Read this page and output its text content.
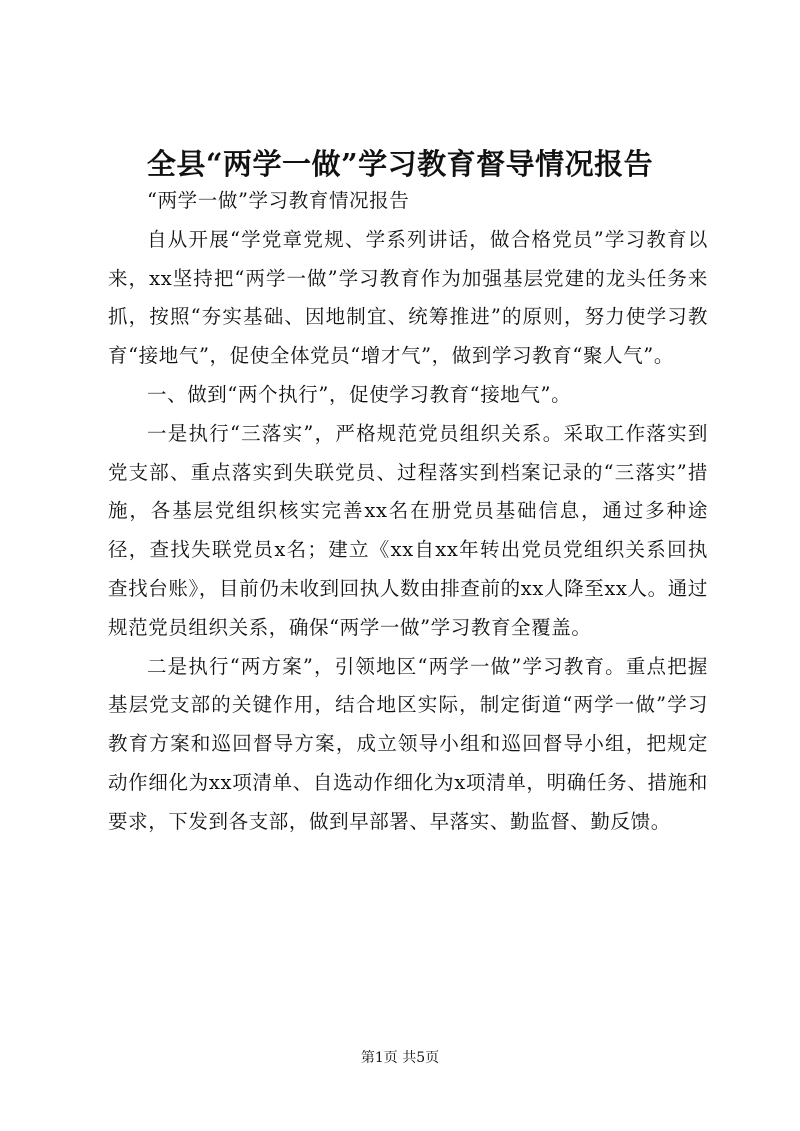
全县“两学一做”学习教育督导情况报告

“两学一做”学习教育情况报告

自从开展“学党章党规、学系列讲话，做合格党员”学习教育以来，xx坚持把“两学一做”学习教育作为加强基层党建的龙头任务来抓，按照“夯实基础、因地制宜、统筹推进”的原则，努力使学习教育“接地气”，促使全体党员“增才气”，做到学习教育“聚人气”。

一、做到“两个执行”，促使学习教育“接地气”。

一是执行“三落实”，严格规范党员组织关系。采取工作落实到党支部、重点落实到失联党员、过程落实到档案记录的“三落实”措施，各基层党组织核实完善xx名在册党员基础信息，通过多种途径，查找失联党员x名；建立《xx自xx年转出党员党组织关系回执查找台账》，目前仍未收到回执人数由排查前的xx人降至xx人。通过规范党员组织关系，确保“两学一做”学习教育全覆盖。

二是执行“两方案”，引领地区“两学一做”学习教育。重点把握基层党支部的关键作用，结合地区实际，制定街道“两学一做”学习教育方案和巡回督导方案，成立领导小组和巡回督导小组，把规定动作细化为xx项清单、自选动作细化为x项清单，明确任务、措施和要求，下发到各支部，做到早部署、早落实、勤监督、勤反馈。

第1页 共5页
